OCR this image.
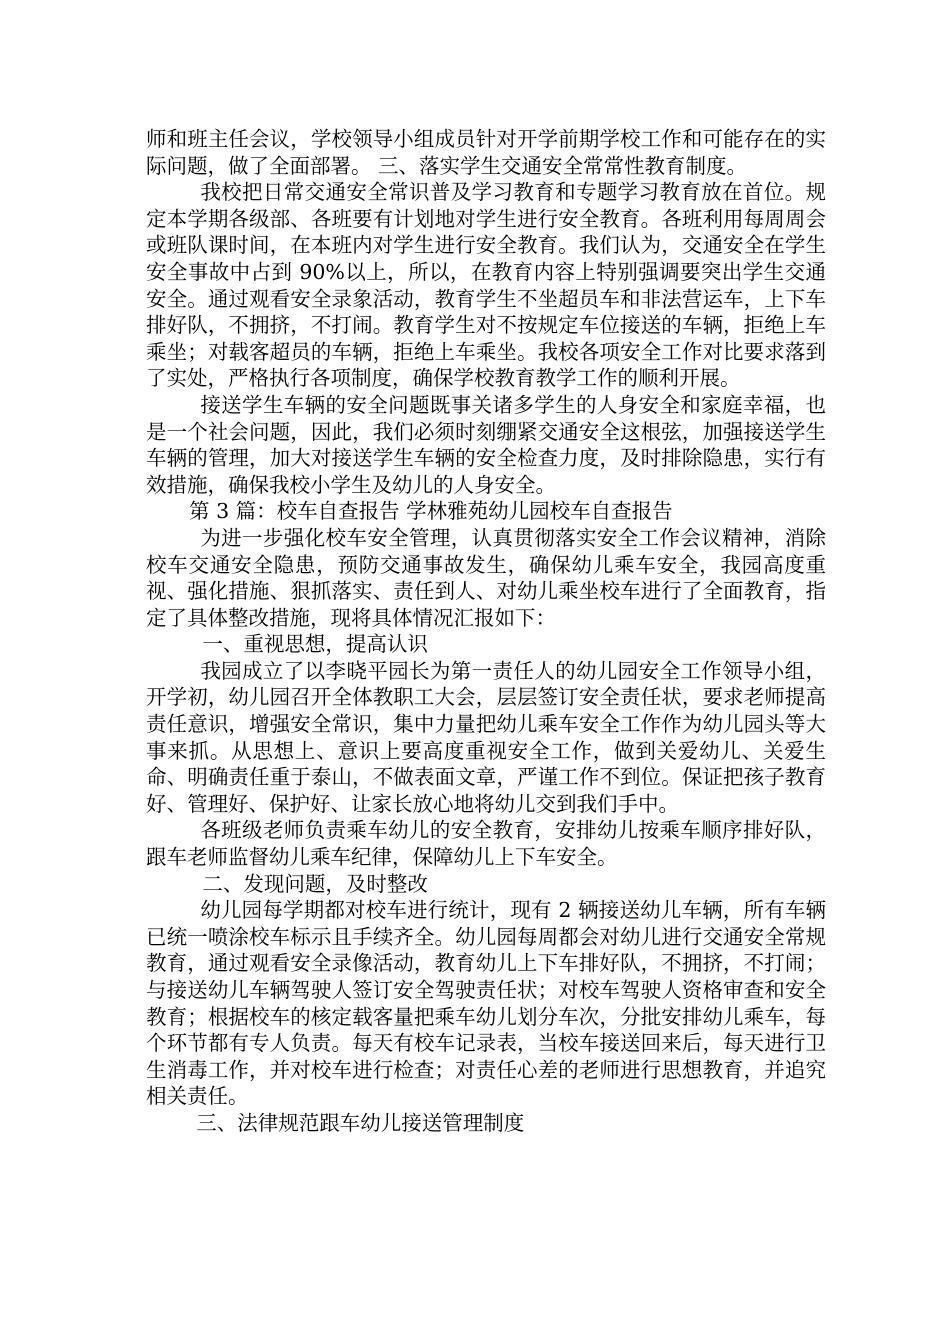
师和班主任会议，学校领导小组成员针对开学前期学校工作和可能存在的实际问题，做了全面部署。 三、落实学生交通安全常常性教育制度。

我校把日常交通安全常识普及学习教育和专题学习教育放在首位。规定本学期各级部、各班要有计划地对学生进行安全教育。各班利用每周周会或班队课时间，在本班内对学生进行安全教育。我们认为，交通安全在学生安全事故中占到 90%以上，所以，在教育内容上特别强调要突出学生交通安全。通过观看安全录象活动，教育学生不坐超员车和非法营运车，上下车排好队，不拥挤，不打闹。教育学生对不按规定车位接送的车辆，拒绝上车乘坐；对载客超员的车辆，拒绝上车乘坐。我校各项安全工作对比要求落到了实处，严格执行各项制度，确保学校教育教学工作的顺利开展。

接送学生车辆的安全问题既事关诸多学生的人身安全和家庭幸福，也是一个社会问题，因此，我们必须时刻绷紧交通安全这根弦，加强接送学生车辆的管理，加大对接送学生车辆的安全检查力度，及时排除隐患，实行有效措施，确保我校小学生及幼儿的人身安全。

第 3 篇：校车自查报告 学林雅苑幼儿园校车自查报告

为进一步强化校车安全管理，认真贯彻落实安全工作会议精神，消除校车交通安全隐患，预防交通事故发生，确保幼儿乘车安全，我园高度重视、强化措施、狠抓落实、责任到人、对幼儿乘坐校车进行了全面教育，指定了具体整改措施，现将具体情况汇报如下：

一、重视思想，提高认识

我园成立了以李晓平园长为第一责任人的幼儿园安全工作领导小组，开学初，幼儿园召开全体教职工大会，层层签订安全责任状，要求老师提高责任意识，增强安全常识，集中力量把幼儿乘车安全工作作为幼儿园头等大事来抓。从思想上、意识上要高度重视安全工作，做到关爱幼儿、关爱生命、明确责任重于泰山，不做表面文章，严谨工作不到位。保证把孩子教育好、管理好、保护好、让家长放心地将幼儿交到我们手中。

各班级老师负责乘车幼儿的安全教育，安排幼儿按乘车顺序排好队，跟车老师监督幼儿乘车纪律，保障幼儿上下车安全。

二、发现问题，及时整改

幼儿园每学期都对校车进行统计，现有 2 辆接送幼儿车辆，所有车辆已统一喷涂校车标示且手续齐全。幼儿园每周都会对幼儿进行交通安全常规教育，通过观看安全录像活动，教育幼儿上下车排好队，不拥挤，不打闹；与接送幼儿车辆驾驶人签订安全驾驶责任状；对校车驾驶人资格审查和安全教育；根据校车的核定载客量把乘车幼儿划分车次，分批安排幼儿乘车，每个环节都有专人负责。每天有校车记录表，当校车接送回来后，每天进行卫生消毒工作，并对校车进行检查；对责任心差的老师进行思想教育，并追究相关责任。

三、法律规范跟车幼儿接送管理制度
